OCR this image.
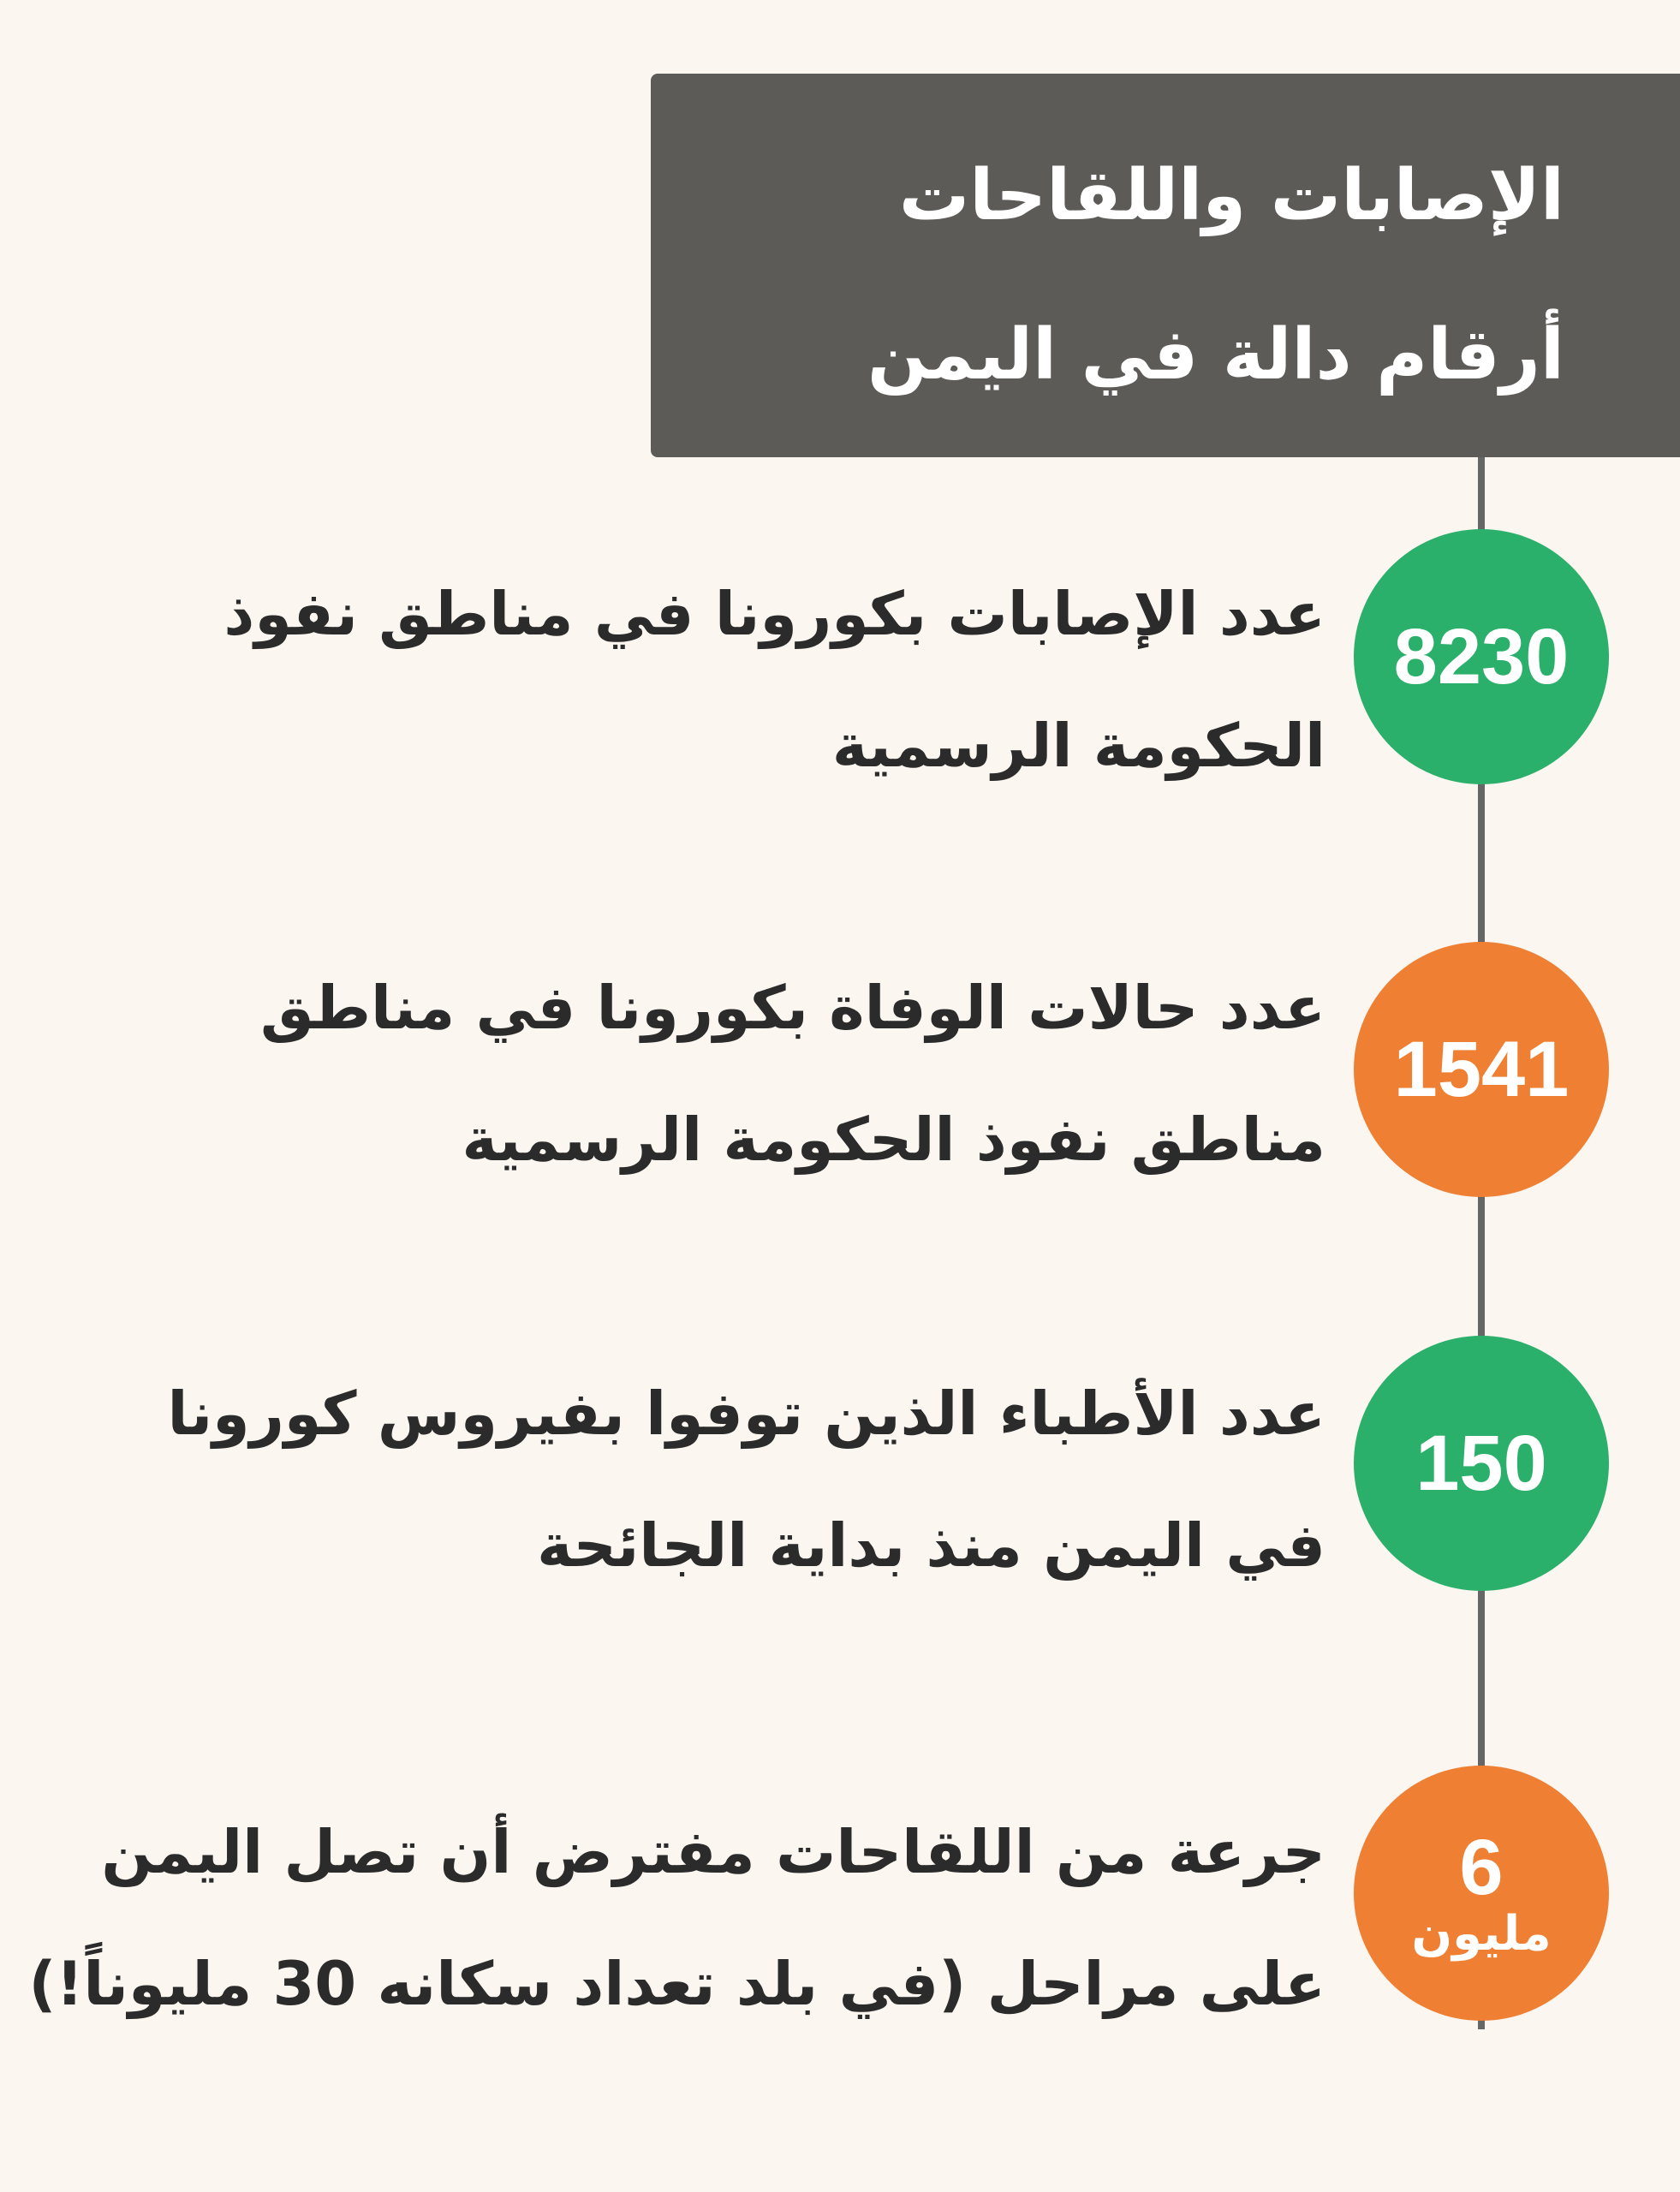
الإصابات واللقاحات
أرقام دالة في اليمن
8230
عدد الإصابات بكورونا في مناطق نفوذ
الحكومة الرسمية
1541
عدد حالات الوفاة بكورونا في مناطق
مناطق نفوذ الحكومة الرسمية
150
عدد الأطباء الذين توفوا بفيروس كورونا
في اليمن منذ بداية الجائحة
6
مليون
جرعة من اللقاحات مفترض أن تصل اليمن
على مراحل (في بلد تعداد سكانه 30 مليوناً!)
